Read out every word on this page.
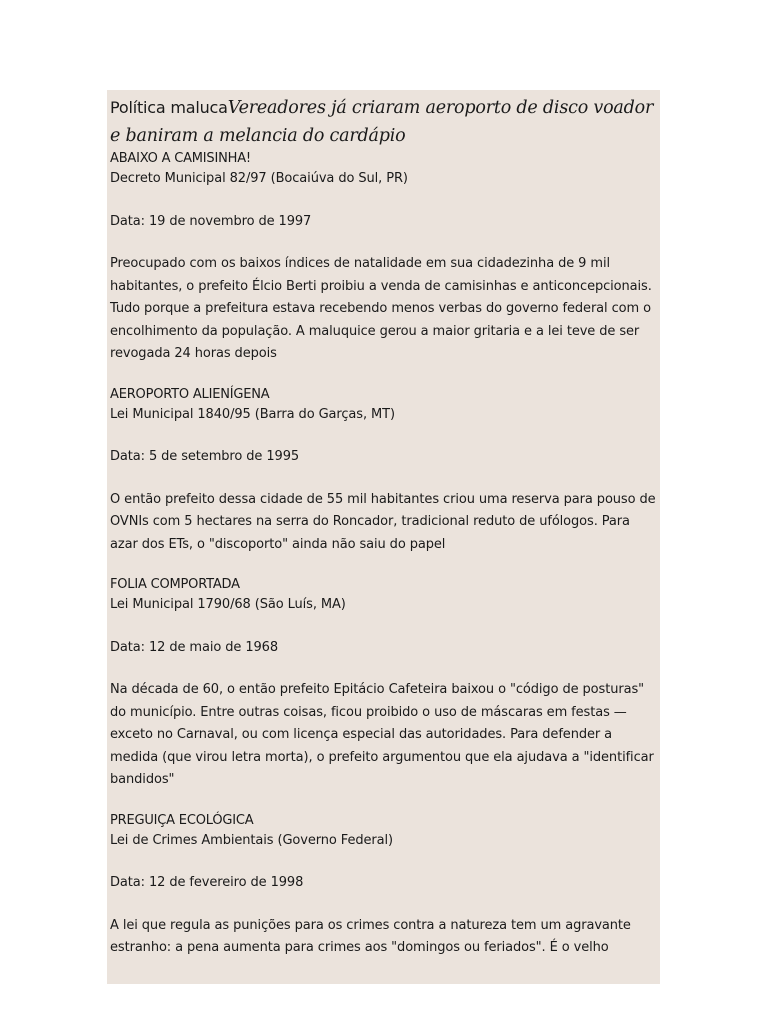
Política malucaVereadores já criaram aeroporto de disco voador e baniram a melancia do cardápio

ABAIXO A CAMISINHA!

Decreto Municipal 82/97 (Bocaiúva do Sul, PR)

Data: 19 de novembro de 1997

Preocupado com os baixos índices de natalidade em sua cidadezinha de 9 mil habitantes, o prefeito Élcio Berti proibiu a venda de camisinhas e anticoncepcionais. Tudo porque a prefeitura estava recebendo menos verbas do governo federal com o encolhimento da população. A maluquice gerou a maior gritaria e a lei teve de ser revogada 24 horas depois

AEROPORTO ALIENÍGENA

Lei Municipal 1840/95 (Barra do Garças, MT)

Data: 5 de setembro de 1995

O então prefeito dessa cidade de 55 mil habitantes criou uma reserva para pouso de OVNIs com 5 hectares na serra do Roncador, tradicional reduto de ufólogos. Para azar dos ETs, o "discoporto" ainda não saiu do papel

FOLIA COMPORTADA

Lei Municipal 1790/68 (São Luís, MA)

Data: 12 de maio de 1968

Na década de 60, o então prefeito Epitácio Cafeteira baixou o "código de posturas" do município. Entre outras coisas, ficou proibido o uso de máscaras em festas — exceto no Carnaval, ou com licença especial das autoridades. Para defender a medida (que virou letra morta), o prefeito argumentou que ela ajudava a "identificar bandidos"

PREGUIÇA ECOLÓGICA

Lei de Crimes Ambientais (Governo Federal)

Data: 12 de fevereiro de 1998

A lei que regula as punições para os crimes contra a natureza tem um agravante estranho: a pena aumenta para crimes aos "domingos ou feriados". É o velho
